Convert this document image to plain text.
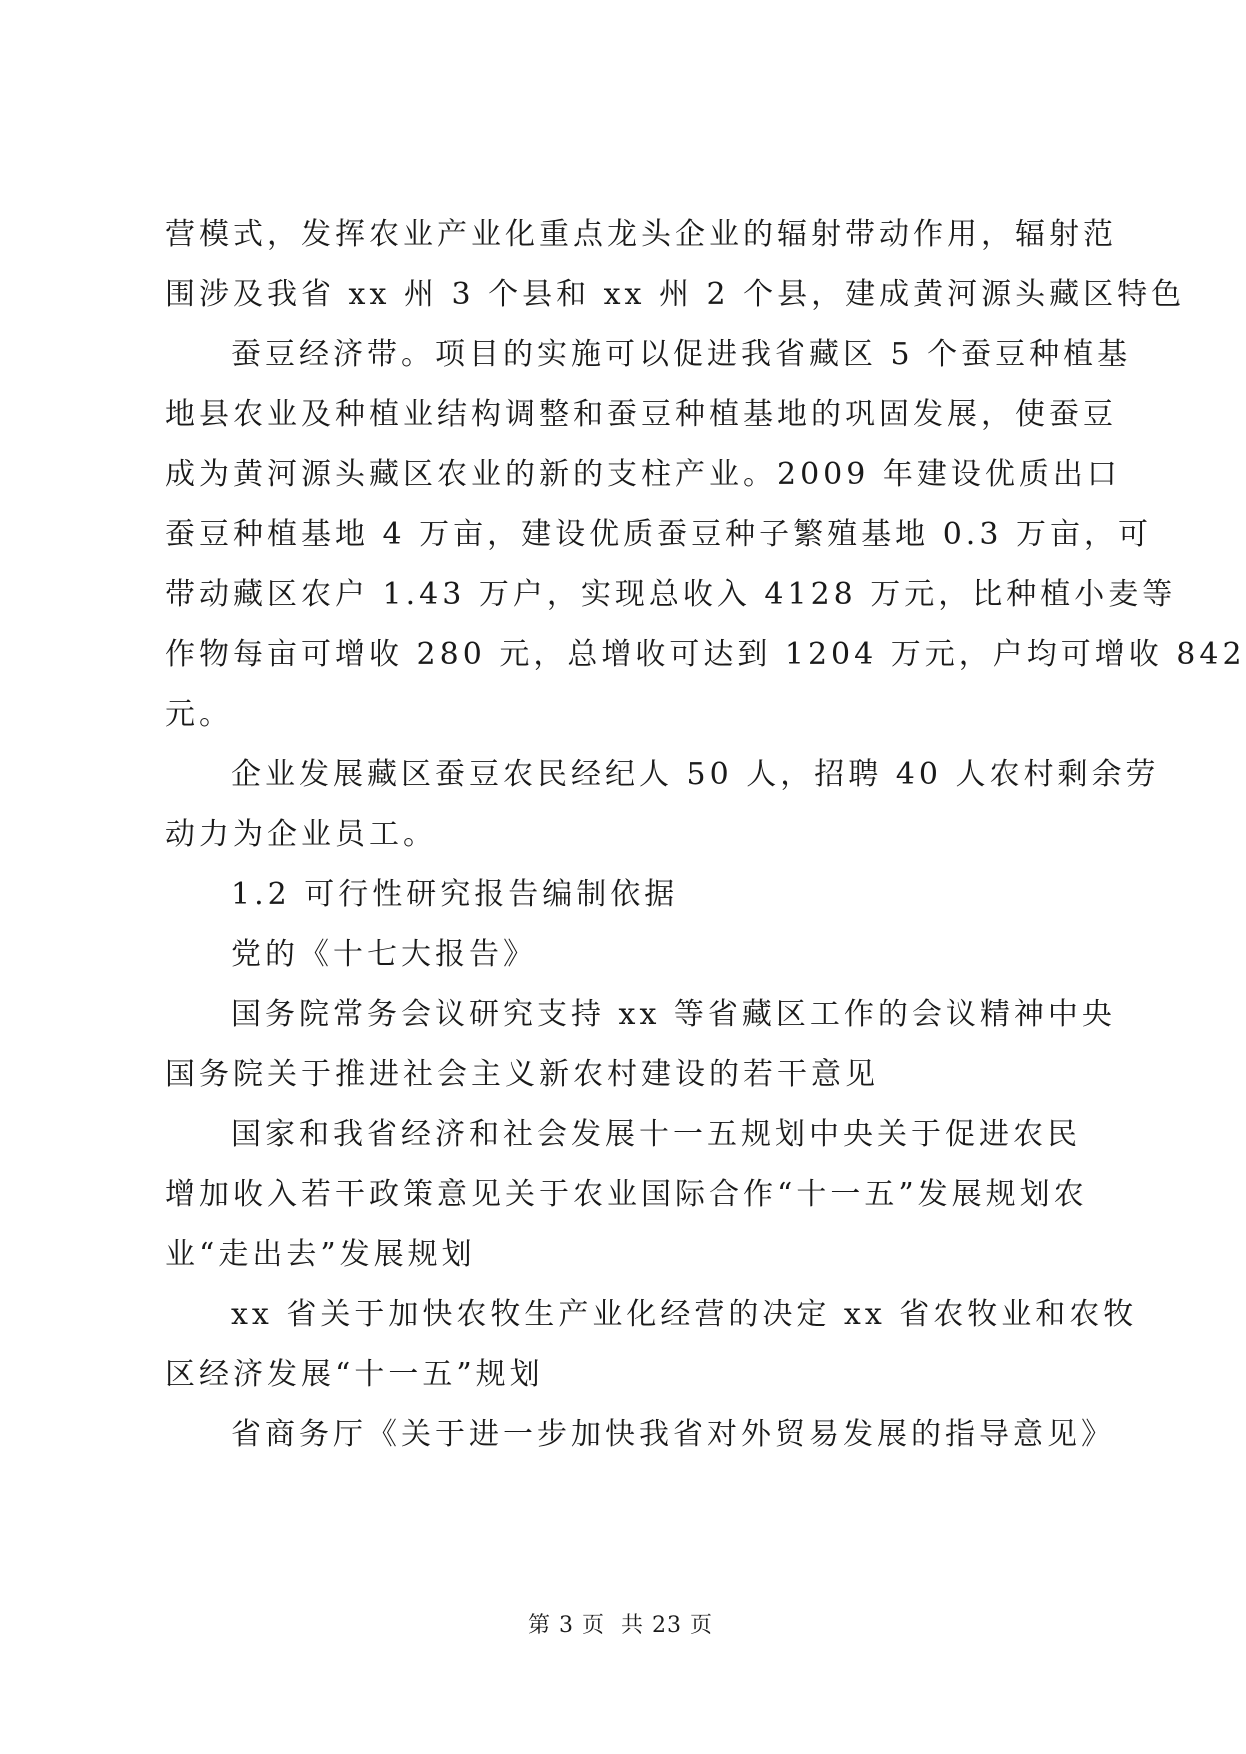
营模式，发挥农业产业化重点龙头企业的辐射带动作用，辐射范
围涉及我省 xx 州 3 个县和 xx 州 2 个县，建成黄河源头藏区特色
蚕豆经济带。项目的实施可以促进我省藏区 5 个蚕豆种植基
地县农业及种植业结构调整和蚕豆种植基地的巩固发展，使蚕豆
成为黄河源头藏区农业的新的支柱产业。2009 年建设优质出口
蚕豆种植基地 4 万亩，建设优质蚕豆种子繁殖基地 0.3 万亩，可
带动藏区农户 1.43 万户，实现总收入 4128 万元，比种植小麦等
作物每亩可增收 280 元，总增收可达到 1204 万元，户均可增收 842
元。
企业发展藏区蚕豆农民经纪人 50 人，招聘 40 人农村剩余劳
动力为企业员工。
1.2 可行性研究报告编制依据
党的《十七大报告》
国务院常务会议研究支持 xx 等省藏区工作的会议精神中央
国务院关于推进社会主义新农村建设的若干意见
国家和我省经济和社会发展十一五规划中央关于促进农民
增加收入若干政策意见关于农业国际合作“十一五”发展规划农
业“走出去”发展规划
xx 省关于加快农牧生产业化经营的决定 xx 省农牧业和农牧
区经济发展“十一五”规划
省商务厅《关于进一步加快我省对外贸易发展的指导意见》
第 3 页  共 23 页
